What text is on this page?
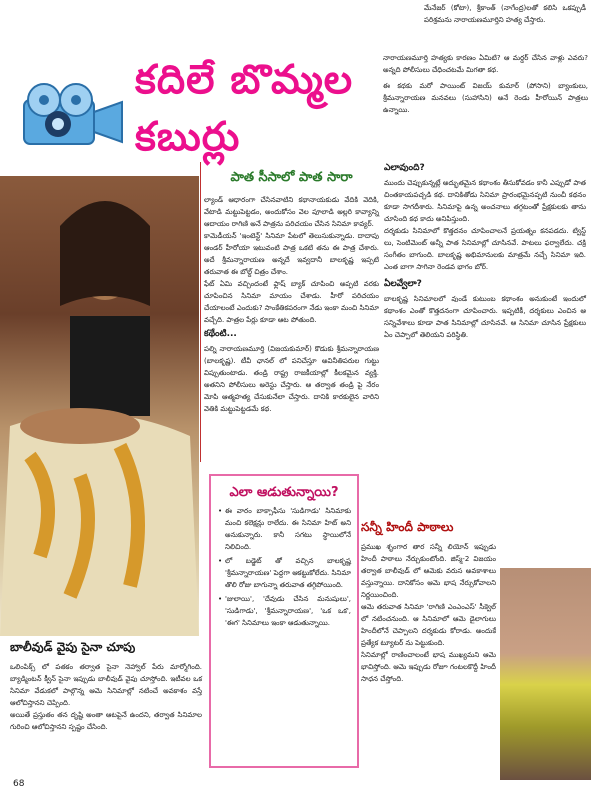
కదిలే బొమ్మల కబుర్లు

మేనేజర్ (కోటా), శ్రీకాంత్ (నాగేంద్ర)లతో కలిసి ఒకప్పుడీ పరిశ్రమను నారాయణమూర్తిని హత్య చేస్తారు.

నారాయణమూర్తి హత్యకు కారణం ఏమిటి? ఆ మర్డర్ చేసిన వాళ్లు ఎవరు? అన్నది పోలీసులు చేధించటమే మిగతా కథ.

ఈ కథకు మరో పాయింట్ విజయ్ కుమార్ (పోసాని) బ్యాంకులు, శ్రీమన్నారాయణ మనవలు (సుహాసిని) అనే రెండు హీరోయిన్ పాత్రలు ఉన్నాయి.

పాత సీసాలో పాత సారా

ల్యాండ్ ఆధారంగా చేసినవాటిని కథానాయకుడు వేదికి వెదికి, వేటాడి మట్టుపెట్టడం, అందుకోసం వెల పూలాడి అల్లరి కావ్యాన్ని ఆదాయం రాగిణి అనే పాత్రను పరిచయం చేసిన సినిమా కావ్యర్.

కామెడీయన్ 'ఇంటెన్ట్' సినిమా పేటలో తెలుసుకున్నాడు. దాదాపు ఆండర్ హీరోయా ఇటువంటి పాత్ర ఒకటి తను ఈ పాత్ర చేశారు. అదే శ్రీమన్నారాయణ అన్నదే ఇవ్వదానీ బాలకృష్ణ ఇప్పటి తరువాత ఈ బోల్డ్ చిత్రం చేశాం.

ఫేట్ ఏమి వచ్చిందంటే ఫ్లాష్ బ్యాక్ చూపించి అప్పటి వరకు చూపించిన సినిమా మాయం చేశాడు. హీరో పరిచయం చేయాలంటే ఎందుకు? సాంకేతికపరంగా నేడు ఇంకా మంచి సినిమా వచ్చేది. పాత్రల పేర్లు కూడా ఆట పోతుంది.

కథేంటి...

పల్ని నారాయణమూర్తి (విజయకుమార్) కొడుకు శ్రీమన్నారాయణ (బాలకృష్ణ). టీవీ ఛానల్ లో పనిచేస్తూ అవినీతిపరుల గుట్టు విప్పుతుంటాడు. తండ్రి రాష్ట్ర రాజకీయాల్లో కీలకమైన వ్యక్తి. అతనిని పోలీసులు అరెస్టు చేస్తారు. ఆ తర్వాత తండ్రి పై నేరం మోపి ఆత్మహత్య చేసుకునేలా చేస్తారు. దానికి కారకులైన వారిని వెతికి మట్టుపెట్టడమే కథ.

ఎలావుంది?

ముందు చెప్పుకున్నట్లే అద్భుతమైన కథాంశం తీసుకోవడం కానీ ఎప్పుడో పాత చింతకాయపచ్చడి కథ. దానికితోడు సినిమా ప్రారంభమైనప్పటి నుంచీ కథనం కూడా సాగదీశారు. సినిమాపై ఉన్న అంచనాలు తగ్గటంతో ప్రేక్షకులకు తాను చూసింది కథ కాదు అనిపిస్తుంది.

దర్శకుడు సినిమాలో కొత్తదనం చూపించాలనే ప్రయత్నం కనపడదు. ట్విస్ట్ లు, సెంటిమెంట్ అన్నీ పాత సినిమాల్లో చూసినవే. పాటలు ఫర్వాలేదు. చక్రి సంగీతం బాగుంది. బాలకృష్ణ అభిమానులకు మాత్రమే నచ్చే సినిమా ఇది. ఎంత బాగా సాగినా రెండవ భాగం బోర్.

ఏలవ్వేలా?

బాలకృష్ణ సినిమాలలో వుండే కుటుంబ కథాంశం అనుకుంటే ఇందులో కథాంశం ఎంతో కొత్తదనంగా చూపించారు. ఇప్పటికీ, దర్శకులు ఎంచిన ఆ సన్నివేశాలు కూడా పాత సినిమాల్లో చూసినవే. ఆ సినిమా చూసిన ప్రేక్షకులు ఏం చెప్పాలో తెలియని పరిస్థితి.

ఎలా ఆడుతున్నాయి?

• ఈ వారం బాక్సాఫీసు 'సుడిగాడు' సినిమాకు మంచి కలెక్షన్లు రాలేదు. ఈ సినిమా హిట్ అని అనుకున్నారు. కానీ సగటు స్థాయిలోనే నిలిచింది.

• లో బడ్జెట్ తో వచ్చిన బాలకృష్ణ 'శ్రీమన్నారాయణ' పెద్దగా ఆకట్టుకోలేదు. సినిమా తొలి రోజు బాగున్నా తరువాత తగ్గిపోయింది.

• 'జులాయి', 'దేవుడు చేసిన మనుషులు', 'సుడిగాడు', 'శ్రీమన్నారాయణ', 'ఒక ఒక', 'ఈగ' సినిమాలు ఇంకా ఆడుతున్నాయి.

సన్నీ హిందీ పాఠాలు

ప్రముఖ శృంగార తార సన్నీ లియోన్ ఇప్పుడు హిందీ పాఠాలు నేర్చుకుంటోంది. జిస్మ్-2 విజయం తర్వాత బాలీవుడ్ లో ఆమెకు వరుస అవకాశాలు వస్తున్నాయి. దానికోసం ఆమె భాష నేర్చుకోవాలని నిర్ణయించింది.

ఆమె తరువాత సినిమా 'రాగిణి ఎంఎంఎస్' సీక్వెల్ లో నటించనుంది. ఆ సినిమాలో ఆమె డైలాగులు హిందీలోనే చెప్పాలని దర్శకుడు కోరాడు. అందుకే ప్రత్యేక ట్యూటర్ ను పెట్టుకుంది.

సినిమాల్లో రాణించాలంటే భాష ముఖ్యమని ఆమె భావిస్తోంది. ఆమె ఇప్పుడు రోజూ గంటలకొద్దీ హిందీ సాధన చేస్తోంది.

బాలీవుడ్ వైపు సైనా చూపు

ఒలింపిక్స్ లో పతకం తర్వాత సైనా నెహ్వాల్ పేరు మార్మోగింది. బ్యాడ్మింటన్ క్వీన్ సైనా ఇప్పుడు బాలీవుడ్ వైపు చూస్తోంది. ఇటీవల ఒక సినిమా వేడుకలో పాల్గొన్న ఆమె సినిమాల్లో నటించే అవకాశం వస్తే ఆలోచిస్తానని చెప్పింది.

అయితే ప్రస్తుతం తన దృష్టి అంతా ఆటపైనే ఉందని, తర్వాత సినిమాల గురించి ఆలోచిస్తానని స్పష్టం చేసింది.

68
